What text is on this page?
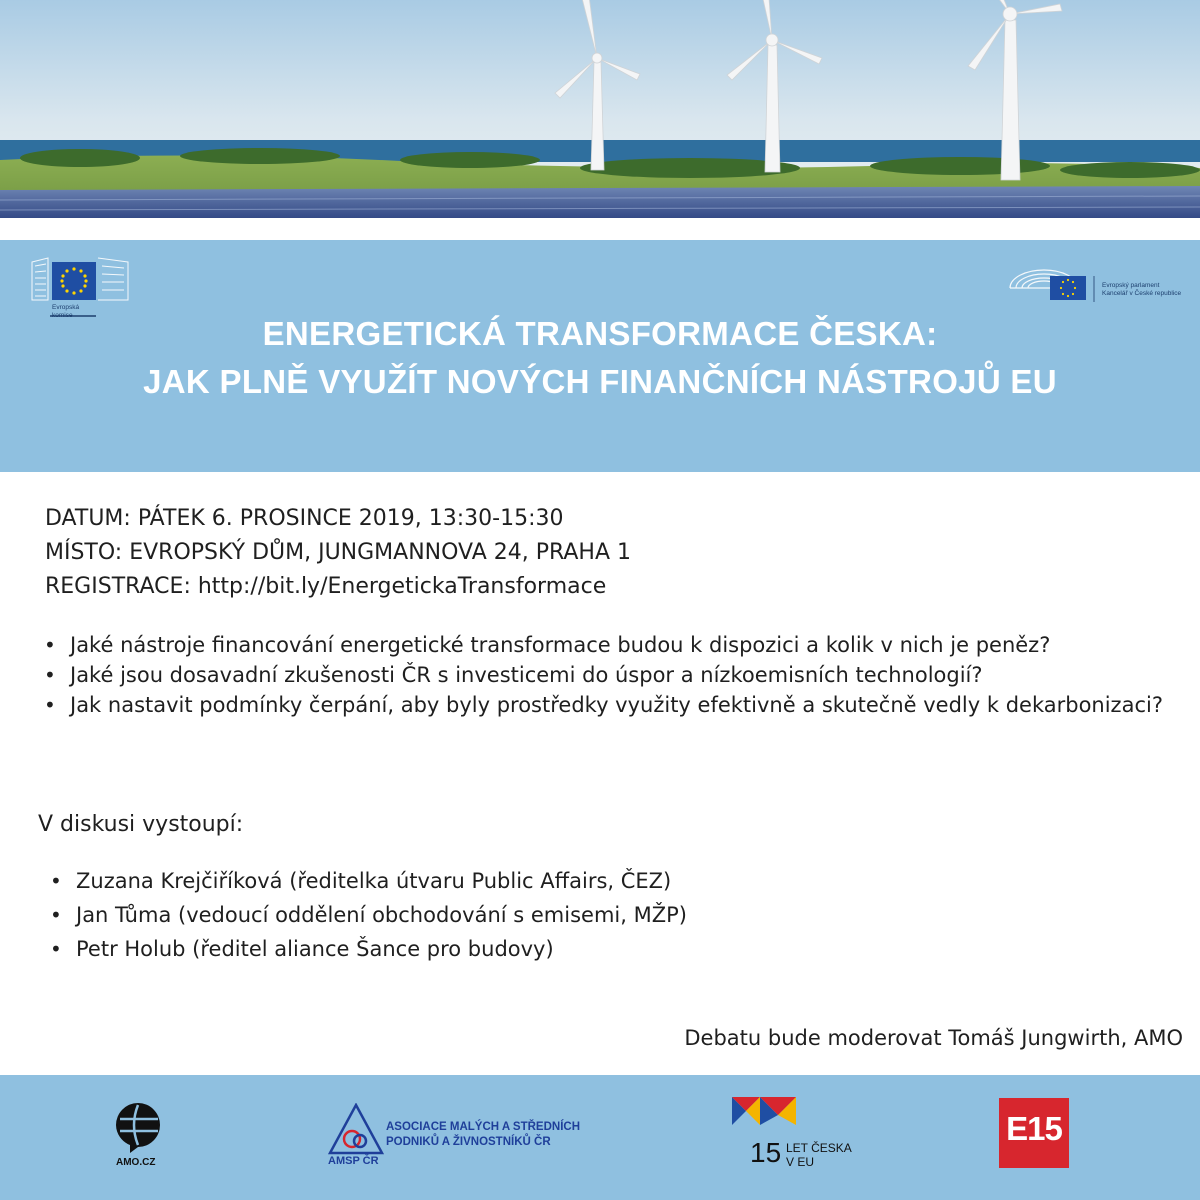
Evropská
komise
Evropský parlament
Kancelář v České republice
ENERGETICKÁ TRANSFORMACE ČESKA:
JAK PLNĚ VYUŽÍT NOVÝCH FINANČNÍCH NÁSTROJŮ EU
DATUM: PÁTEK 6. PROSINCE 2019, 13:30-15:30
MÍSTO: EVROPSKÝ DŮM, JUNGMANNOVA 24, PRAHA 1
REGISTRACE: http://bit.ly/EnergetickaTransformace
• Jaké nástroje financování energetické transformace budou k dispozici a kolik v nich je peněz?
• Jaké jsou dosavadní zkušenosti ČR s investicemi do úspor a nízkoemisních technologií?
• Jak nastavit podmínky čerpání, aby byly prostředky využity efektivně a skutečně vedly k dekarbonizaci?
V diskusi vystoupí:
• Zuzana Krejčiříková (ředitelka útvaru Public Affairs, ČEZ)
• Jan Tůma (vedoucí oddělení obchodování s emisemi, MŽP)
• Petr Holub (ředitel aliance Šance pro budovy)
Debatu bude moderovat Tomáš Jungwirth, AMO
AMO.CZ
ASOCIACE MALÝCH A STŘEDNÍCH
PODNIKŮ A ŽIVNOSTNÍKŮ ČR
AMSP ČR	15 LET ČESKA
V EU
E15
